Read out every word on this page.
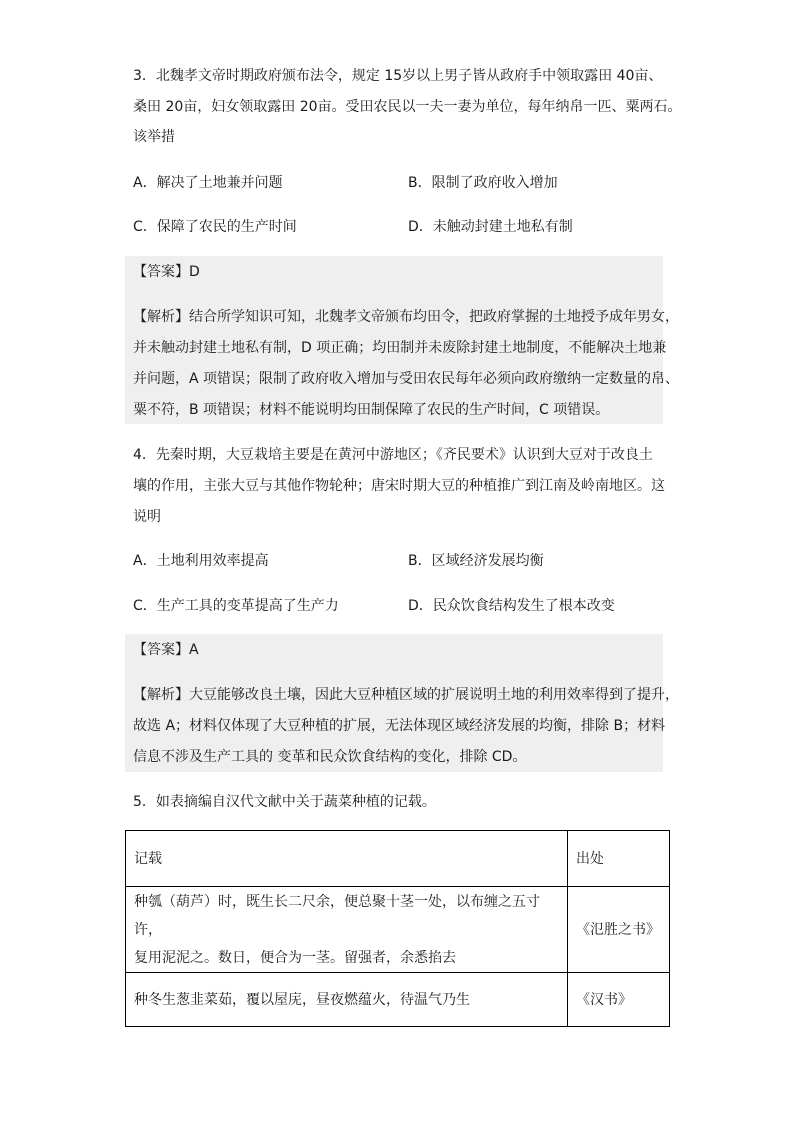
3．北魏孝文帝时期政府颁布法令，规定 15岁以上男子皆从政府手中领取露田 40亩、
桑田 20亩，妇女领取露田 20亩。受田农民以一夫一妻为单位，每年纳帛一匹、粟两石。
该举措
A．解决了土地兼并问题	B．限制了政府收入增加
C．保障了农民的生产时间	D．未触动封建土地私有制
【答案】D
【解析】结合所学知识可知，北魏孝文帝颁布均田令，把政府掌握的土地授予成年男女，
并未触动封建土地私有制，D 项正确；均田制并未废除封建土地制度，不能解决土地兼
并问题，A 项错误；限制了政府收入增加与受田农民每年必须向政府缴纳一定数量的帛、
粟不符，B 项错误；材料不能说明均田制保障了农民的生产时间，C 项错误。
4．先秦时期，大豆栽培主要是在黄河中游地区；《齐民要术》认识到大豆对于改良土
壤的作用，主张大豆与其他作物轮种；唐宋时期大豆的种植推广到江南及岭南地区。这
说明
A．土地利用效率提高	B．区域经济发展均衡
C．生产工具的变革提高了生产力	D．民众饮食结构发生了根本改变
【答案】A
【解析】大豆能够改良土壤，因此大豆种植区域的扩展说明土地的利用效率得到了提升，
故选 A；材料仅体现了大豆种植的扩展，无法体现区域经济发展的均衡，排除 B；材料
信息不涉及生产工具的 变革和民众饮食结构的变化，排除 CD。
5．如表摘编自汉代文献中关于蔬菜种植的记载。
记载	出处

种瓠（葫芦）时，既生长二尺余，便总聚十茎一处，以布缠之五寸许，
复用泥泥之。数日，便合为一茎。留强者，余悉掐去	《氾胜之书》

种冬生葱韭菜茹，覆以屋庑，昼夜燃蕴火，待温气乃生	《汉书》
